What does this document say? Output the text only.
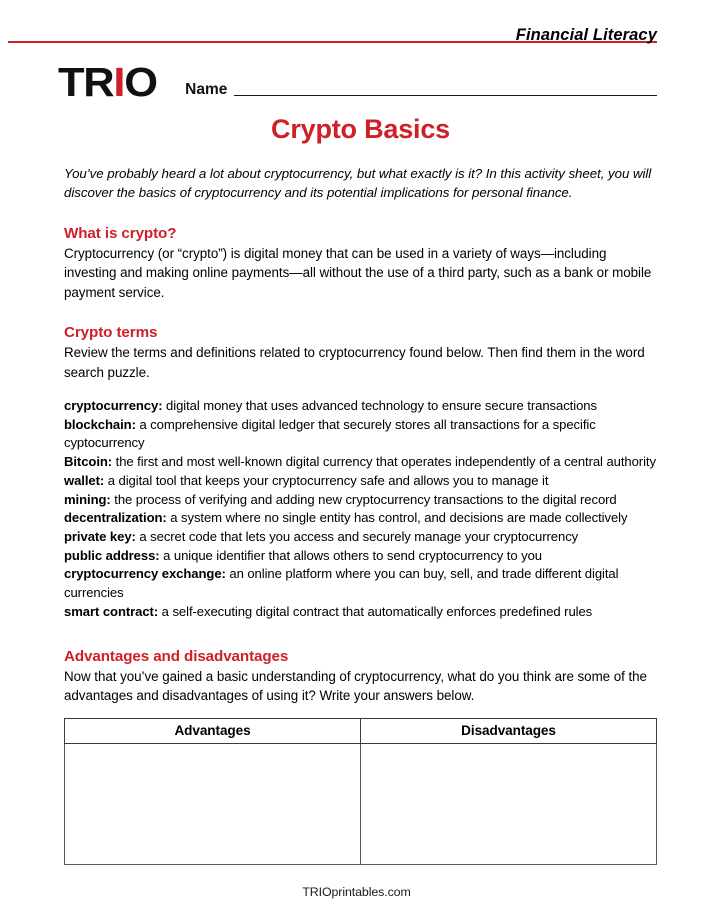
Financial Literacy
TRIO Name
Crypto Basics
You’ve probably heard a lot about cryptocurrency, but what exactly is it? In this activity sheet, you will discover the basics of cryptocurrency and its potential implications for personal finance.
What is crypto?
Cryptocurrency (or “crypto”) is digital money that can be used in a variety of ways—including investing and making online payments—all without the use of a third party, such as a bank or mobile payment service.
Crypto terms
Review the terms and definitions related to cryptocurrency found below. Then find them in the word search puzzle.

cryptocurrency: digital money that uses advanced technology to ensure secure transactions

blockchain: a comprehensive digital ledger that securely stores all transactions for a specific cyptocurrency

Bitcoin: the first and most well-known digital currency that operates independently of a central authority

wallet: a digital tool that keeps your cryptocurrency safe and allows you to manage it

mining: the process of verifying and adding new cryptocurrency transactions to the digital record

decentralization: a system where no single entity has control, and decisions are made collectively

private key: a secret code that lets you access and securely manage your cryptocurrency

public address: a unique identifier that allows others to send cryptocurrency to you

cryptocurrency exchange: an online platform where you can buy, sell, and trade different digital currencies

smart contract: a self-executing digital contract that automatically enforces predefined rules

Advantages and disadvantages
Now that you’ve gained a basic understanding of cryptocurrency, what do you think are some of the advantages and disadvantages of using it? Write your answers below.
Advantages	Disadvantages

TRIOprintables.com
